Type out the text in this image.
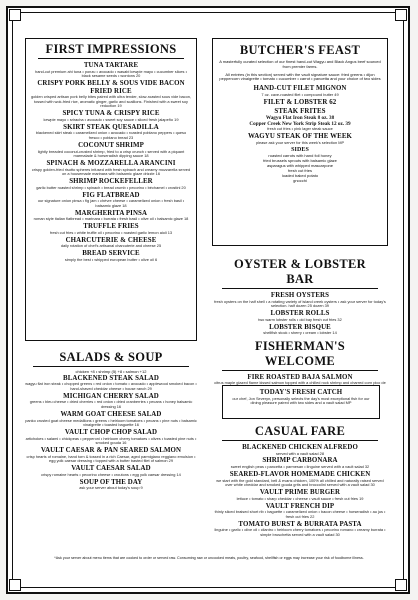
FIRST IMPRESSIONS
TUNA TARTARE
hand-cut premium ahi tuna • ponzu • avocado • wasabi kewpie mayo • cucumber slices • black sesame seeds • wontons 20
CRISPY PORK BELLY & SOUS VIDE BACON FRIED RICE
golden crisped artisan pork belly bites paired with ultra tender, slow-roasted sous vide bacon, tossed with wok-fried rice, aromatic ginger, garlic and scallions. Finished with a sweet soy reduction 19
SPICY TUNA & CRISPY RICE
kewpie mayo • sriracha • avocado • sweet soy sauce • sliced fresh jalapeño 19
SKIRT STEAK QUESADILLA
blackened skirt steak • caramelized onion • avocado • roasted poblano peppers • queso fresco • poblano bread 23
COCONUT SHRIMP
lightly breaded coconut-crusted shrimp, fried to a crisp crunch • served with a piquant marmalade & horseradish dipping sauce 18
SPINACH & MOZZARELLA ARANCINI
crispy golden-fried risotto spheres infused with fresh spinach and creamy mozzarella served on a housemade marinara with balsamic glaze drizzle 16
SHRIMP ROCKEFELLER
garlic butter roasted shrimp • spinach • bread crumb • pecorino • béchamel • crostini 20
FIG FLATBREAD
our signature onion pinsa • fig jam • chèvre cheese • caramelized onion • fresh basil • balsamic glaze 18
MARGHERITA PINSA
roman style italian flatbread • marinara • burrata • fresh basil • olive oil • balsamic glaze 18
TRUFFLE FRIES
fresh cut fries • white truffle oil • pecorino • roasted garlic lemon aioli 13
CHARCUTERIE & CHEESE
daily rotation of chef's artisanal charcuterie and cheese 25
BREAD SERVICE
simply the best • whipped european butter • olive oil 6
SALADS & SOUP
chicken +8 • shrimp (5) +8 • salmon +12
BLACKENED STEAK SALAD
wagyu flat iron steak • chopped greens • red onion • tomato • avocado • applewood smoked bacon • hand-shaved cheddar cheese • house ranch 29
MICHIGAN CHERRY SALAD
greens • bleu cheese • dried cherries • red onion • dried cranberries • pecans • honey balsamic dressing 16
WARM GOAT CHEESE SALAD
panko crusted goat cheese medallions • greens • heirloom tomatoes • pecans • pine nuts • balsamic vinaigrette • toasted baguette 16
VAULT CHOP CHOP SALAD
artichokes • salami • chickpeas • pepperoni • heirloom cherry tomatoes • olives • toasted pine nuts • smoked gouda 16
VAULT CAESAR & PAN SEARED SALMON
crisp hearts of romaine, hand torn & tossed in a rich Caesar, aged parmigiano reggiano emulsion • egg yolk caesar dressing • topped with a butter basted filet of salmon 29
VAULT CAESAR SALAD
crispy romaine hearts • pecorino cheese • croutons • egg yolk caesar dressing 14
SOUP OF THE DAY
ask your server about today's soup 9
BUTCHER'S FEAST
A masterfully curated selection of our finest hand-cut Wagyu and Black Angus beef sourced from premier farms.
All entrées (in this section) served with the vault signature sauce: fried greens • dijon peppercorn vinaigrette • tomato • cucumber • carrot • pancetta and your choice of two sides
HAND-CUT FILET MIGNON
7 oz. cave-roasted filet • compound butter 49
FILET & LOBSTER 62
STEAK FRITES
Wagyu Flat Iron Steak 8 oz. 38
Copper Creek New York Strip Steak 12 oz. 39
fresh cut fries • pink lager steak sauce
WAGYU STEAK OF THE WEEK
please ask your server for this week's selection MP
SIDES
roasted carrots with hand foil honey
fried brussels sprouts with balsamic glaze
asparagus with whipped mascarpone
fresh cut fries
loaded baked potato
gnocchi
OYSTER & LOBSTER BAR
FRESH OYSTERS
fresh oysters on the half shell • a rotating variety of island creek oysters • ask your server for today's selection. half dozen 25 dozen 39
LOBSTER ROLLS
two warm lobster rolls • old bay fresh cut fries 32
LOBSTER BISQUE
shellfish stock • sherry • cream • lobster 14
FISHERMAN'S WELCOME
FIRE ROASTED BAJA SALMON
citrus maple glazed flame kissed salmon topped with a chilled rock shrimp and charred corn pico de
TODAY'S FRESH CATCH
our chef, Jon Severyn, personally selects the day's most exceptional fish for our dining pleasure paired with two sides and a vault salad MP
CASUAL FARE
BLACKENED CHICKEN ALFREDO
served with a vault salad 28
SHRIMP CARBONARA
sweet english peas • pancetta • parmesan • linguine served with a vault salad 32
SEARED-FLAVOR HOMEMADE CHICKEN
we start with the gold standard, bell & evans chicken, 100% all chilled and naturally raised served over white cheddar and smoked gouda grits and broccolini served with a vault salad 30
VAULT PRIME BURGER
lettuce • tomato • sharp cheddar • cheese • vault sauce • fresh cut fries 19
VAULT FRENCH DIP
thinly sliced braised short rib • baguette • caramelized onion • bacon cheese • horseradish • au jus • fresh cut fries 22
TOMATO BURST & BURRATA PASTA
linguine • garlic • olive oil • cilantro • heirloom cherry tomatoes • pecorino romano • creamy burrata • simple bruschetta served with a vault salad 30
*Ask your server about menu items that are cooked to order or served raw. Consuming raw or uncooked meats, poultry, seafood, shellfish or eggs may increase your risk of foodborne illness.
